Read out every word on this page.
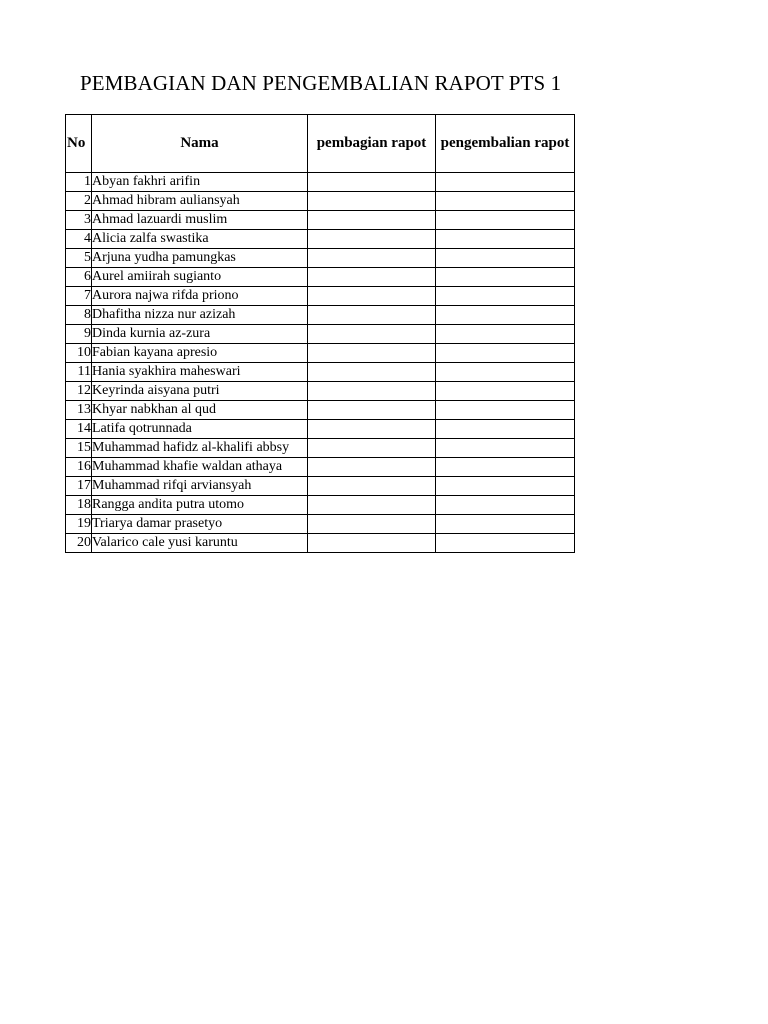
PEMBAGIAN DAN PENGEMBALIAN RAPOT PTS 1
No	Nama	pembagian rapot	pengembalian rapot
1	Abyan fakhri arifin		
2	Ahmad hibram auliansyah		
3	Ahmad lazuardi muslim		
4	Alicia zalfa swastika		
5	Arjuna yudha pamungkas		
6	Aurel amiirah sugianto		
7	Aurora najwa rifda priono		
8	Dhafitha nizza nur azizah		
9	Dinda kurnia az-zura		
10	Fabian kayana apresio		
11	Hania syakhira maheswari		
12	Keyrinda aisyana putri		
13	Khyar nabkhan al qud		
14	Latifa qotrunnada		
15	Muhammad hafidz al-khalifi abbsy		
16	Muhammad khafie waldan athaya		
17	Muhammad rifqi arviansyah		
18	Rangga andita putra utomo		
19	Triarya damar prasetyo		
20	Valarico cale yusi karuntu		
